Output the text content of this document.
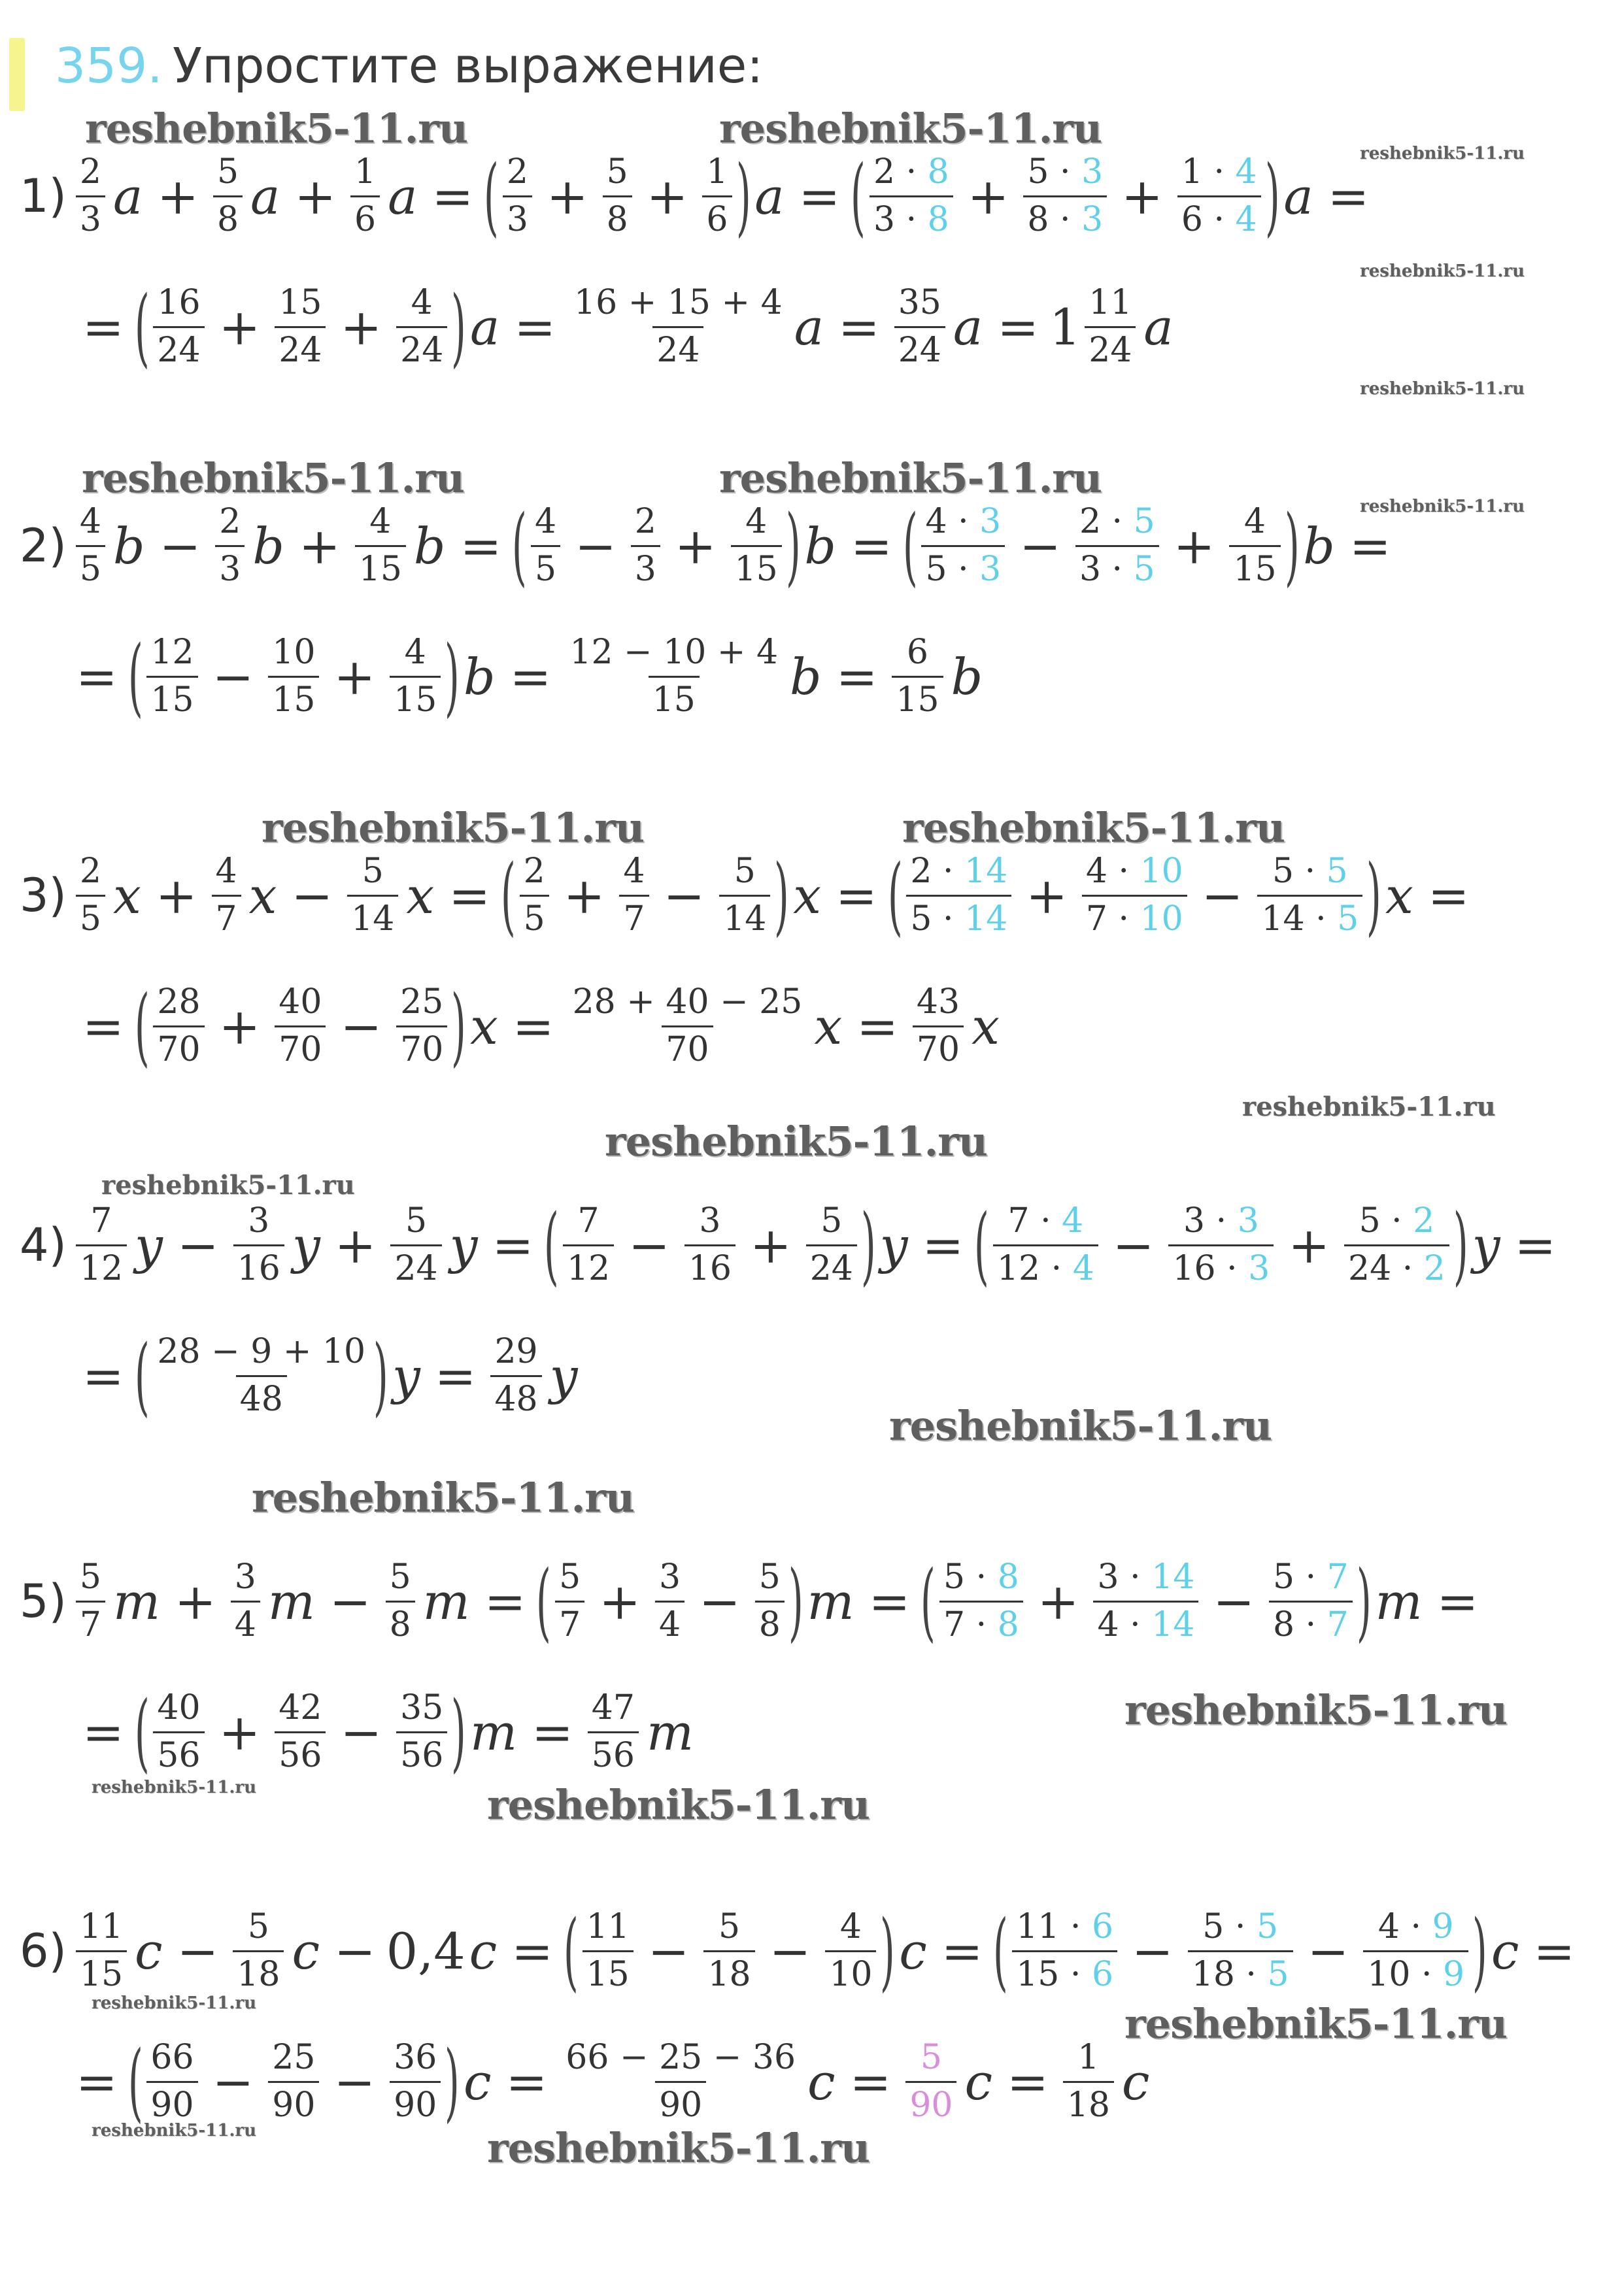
359. Упростите выражение:
reshebnik5-11.ru	reshebnik5-11.ru
reshebnik5-11.ru
reshebnik5-11.ru
reshebnik5-11.ru
reshebnik5-11.ru	reshebnik5-11.ru
reshebnik5-11.ru
reshebnik5-11.ru	reshebnik5-11.ru
reshebnik5-11.ru
reshebnik5-11.ru
reshebnik5-11.ru
reshebnik5-11.ru
reshebnik5-11.ru
reshebnik5-11.ru
reshebnik5-11.ru	reshebnik5-11.ru
reshebnik5-11.ru	reshebnik5-11.ru
reshebnik5-11.ru	reshebnik5-11.ru
1) 2
3 $a + \frac{5}{8}$ $a + \frac{1}{6}$ a = ( 2
$3 + \frac{5}{8} + \frac{1}{6}$ ) a = ( 2 · 8
$3 \cdot 8 + \frac{5 \cdot 3}{8 \cdot 3} + \frac{1 \cdot 4}{6 \cdot 4}$ ) a =
= ( 16
$24 + \frac{15}{24} + \frac{4}{24}$ ) $a = \frac{16 + 15 + 4}{24}$ $a = \frac{35}{24}$ a = 1 11
24 a
2) 4
5 $b - \frac{2}{3}$ $b + \frac{4}{15}$ b = ( 4
$5 - \frac{2}{3} + \frac{4}{15}$ ) b = ( 4 · 3
$5 \cdot 3 - \frac{2 \cdot 5}{3 \cdot 5} + \frac{4}{15}$ ) b =
= ( 12
$15 - \frac{10}{15} + \frac{4}{15}$ ) $b = \frac{12 - 10 + 4}{15}$ $b = \frac{6}{15}$ b
3) 2
5 $x + \frac{4}{7}$ $x - \frac{5}{14}$ x = ( 2
$5 + \frac{4}{7} - \frac{5}{14}$ ) x = ( 2 · 14
$5 \cdot 14 + \frac{4 \cdot 10}{7 \cdot 10} - \frac{5 \cdot 5}{14 \cdot 5}$ ) x =
= ( 28
$70 + \frac{40}{70} - \frac{25}{70}$ ) $x = \frac{28 + 40 - 25}{70}$ $x = \frac{43}{70}$ x
4) 7
12 $y - \frac{3}{16}$ $y + \frac{5}{24}$ y = ( 7
$12 - \frac{3}{16} + \frac{5}{24}$ ) y = ( 7 · 4
$12 \cdot 4 - \frac{3 \cdot 3}{16 \cdot 3} + \frac{5 \cdot 2}{24 \cdot 2}$ ) y =
= ( 28 − 9 + 10
48 ) $y = \frac{29}{48}$ y
5) 5
7 $m + \frac{3}{4}$ $m - \frac{5}{8}$ m = ( 5
$7 + \frac{3}{4} - \frac{5}{8}$ ) m = ( 5 · 8
$7 \cdot 8 + \frac{3 \cdot 14}{4 \cdot 14} - \frac{5 \cdot 7}{8 \cdot 7}$ ) m =
= ( 40
$56 + \frac{42}{56} - \frac{35}{56}$ ) $m = \frac{47}{56}$ m
6) 11
15 $c - \frac{5}{18}$ c − 0,4 c = ( 11
$15 - \frac{5}{18} - \frac{4}{10}$ ) c = ( 11 · 6
$15 \cdot 6 - \frac{5 \cdot 5}{18 \cdot 5} - \frac{4 \cdot 9}{10 \cdot 9}$ ) c =
= ( 66
$90 - \frac{25}{90} - \frac{36}{90}$ ) $c = \frac{66 - 25 - 36}{90}$ $c = \frac{5}{90}$ $c = \frac{1}{18}$ c
